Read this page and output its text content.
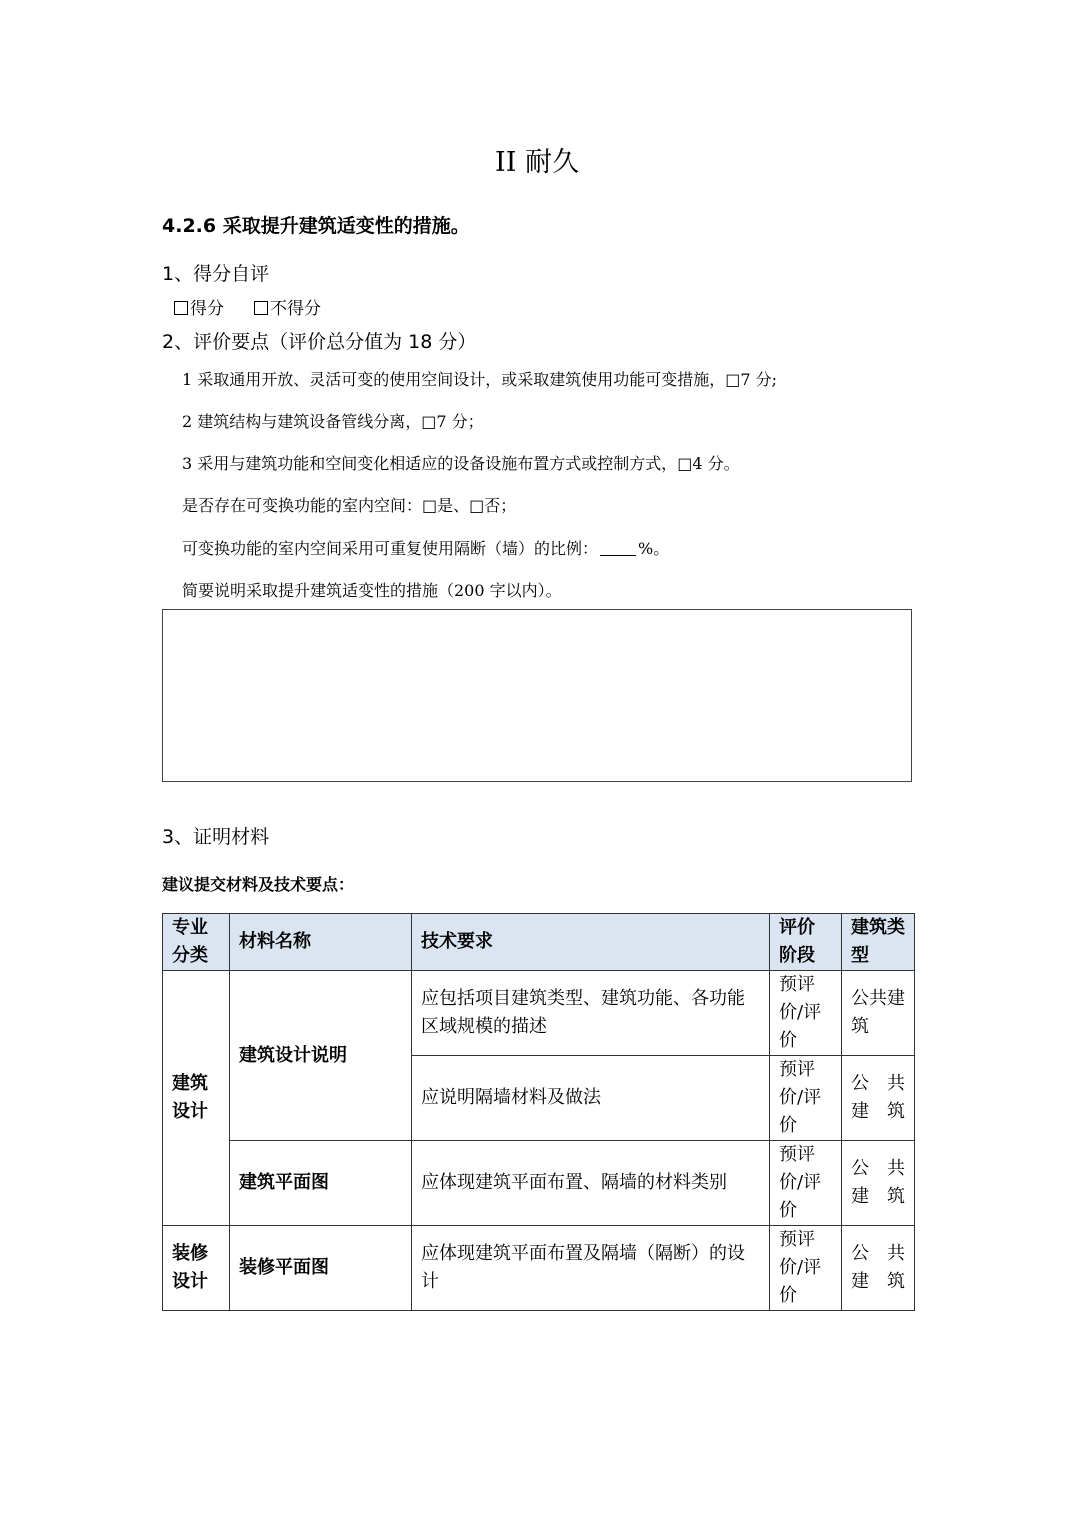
II 耐久
4.2.6 采取提升建筑适变性的措施。
1、得分自评
得分	不得分
2、评价要点（评价总分值为 18 分）
1 采取通用开放、灵活可变的使用空间设计，或采取建筑使用功能可变措施，□7 分;
2 建筑结构与建筑设备管线分离，□7 分；
3 采用与建筑功能和空间变化相适应的设备设施布置方式或控制方式，□4 分。
是否存在可变换功能的室内空间：□是、□否；
可变换功能的室内空间采用可重复使用隔断（墙）的比例：	%。
简要说明采取提升建筑适变性的措施（200 字以内）。
3、证明材料
建议提交材料及技术要点：
专业分类	材料名称	技术要求	评价阶段	建筑类型
建筑设计	建筑设计说明	应包括项目建筑类型、建筑功能、各功能区域规模的描述	预评价/评价	公共建筑
		应说明隔墙材料及做法	预评价/评价	公 共建筑
	建筑平面图	应体现建筑平面布置、隔墙的材料类别	预评价/评价	公 共建筑
装修设计	装修平面图	应体现建筑平面布置及隔墙（隔断）的设计	预评价/评价	公 共建筑
